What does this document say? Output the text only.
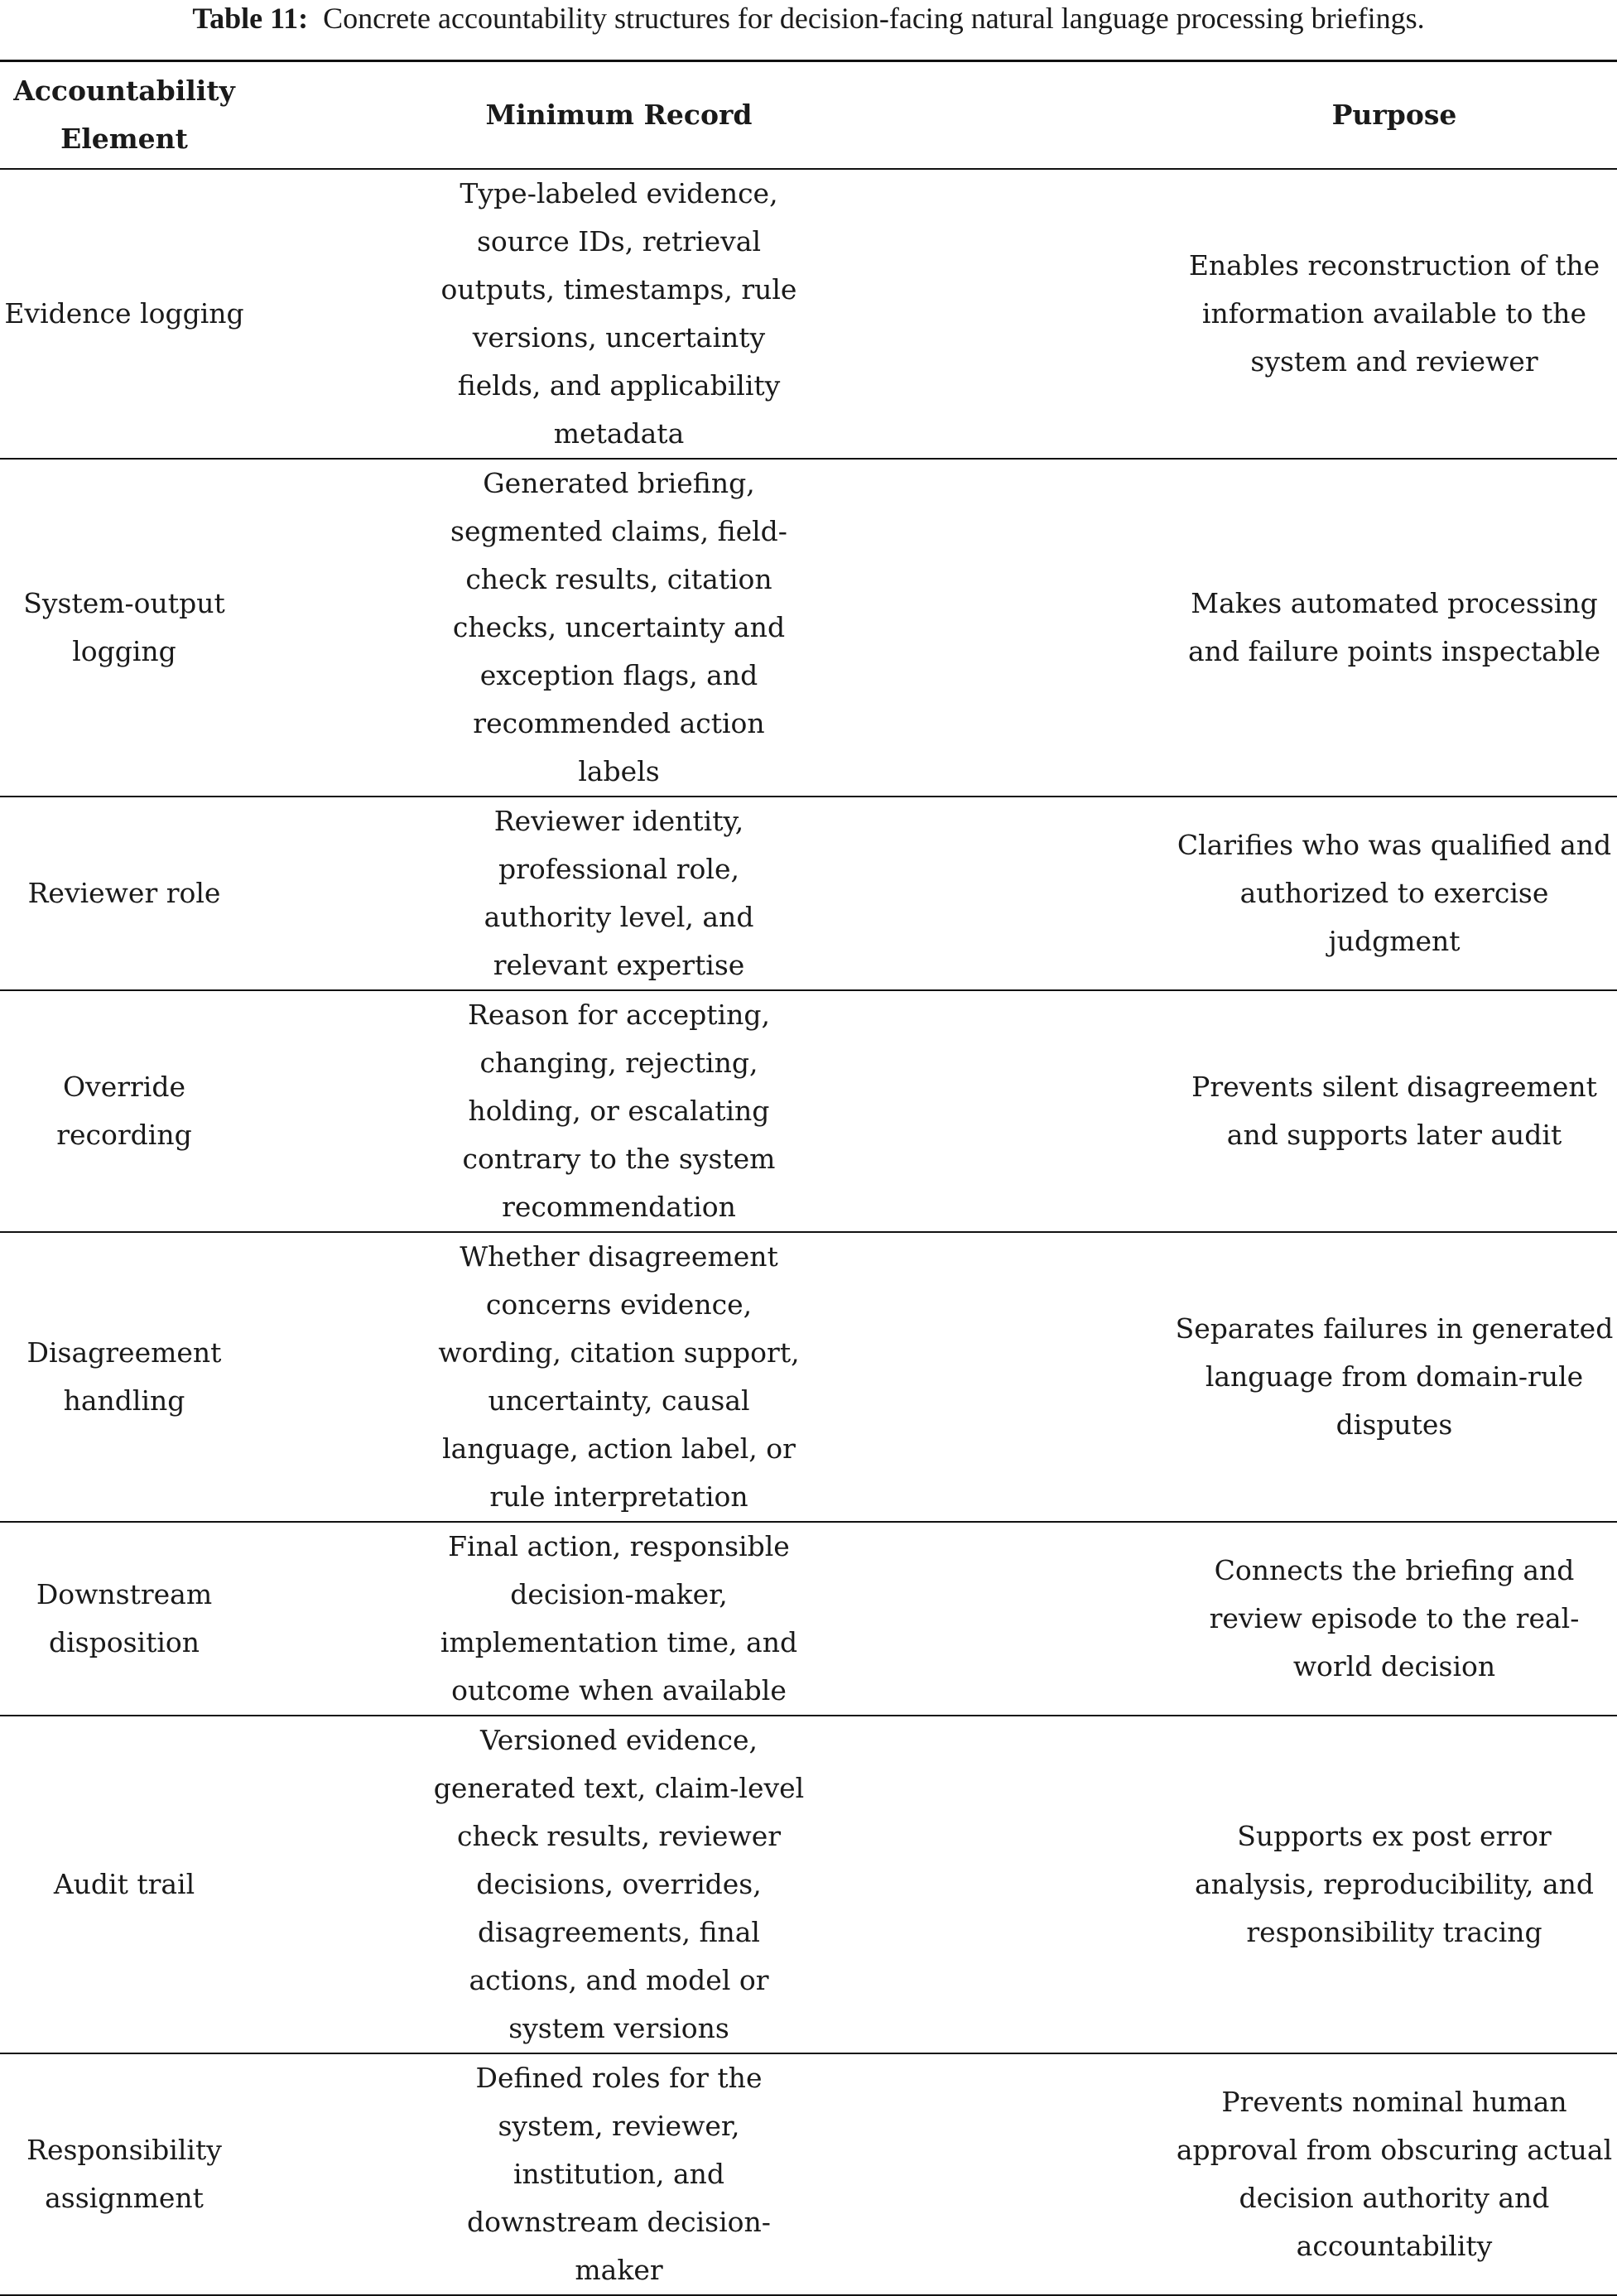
Table 11: Concrete accountability structures for decision-facing natural language processing briefings.
Accountability Element	Minimum Record	Purpose
Evidence logging	Type-labeled evidence, source IDs, retrieval outputs, timestamps, rule versions, uncertainty fields, and applicability metadata	Enables reconstruction of the information available to the system and reviewer
System-output logging	Generated briefing, segmented claims, field-check results, citation checks, uncertainty and exception flags, and recommended action labels	Makes automated processing and failure points inspectable
Reviewer role	Reviewer identity, professional role, authority level, and relevant expertise	Clarifies who was qualified and authorized to exercise judgment
Override recording	Reason for accepting, changing, rejecting, holding, or escalating contrary to the system recommendation	Prevents silent disagreement and supports later audit
Disagreement handling	Whether disagreement concerns evidence, wording, citation support, uncertainty, causal language, action label, or rule interpretation	Separates failures in generated language from domain-rule disputes
Downstream disposition	Final action, responsible decision-maker, implementation time, and outcome when available	Connects the briefing and review episode to the real-world decision
Audit trail	Versioned evidence, generated text, claim-level check results, reviewer decisions, overrides, disagreements, final actions, and model or system versions	Supports ex post error analysis, reproducibility, and responsibility tracing
Responsibility assignment	Defined roles for the system, reviewer, institution, and downstream decision-maker	Prevents nominal human approval from obscuring actual decision authority and accountability
